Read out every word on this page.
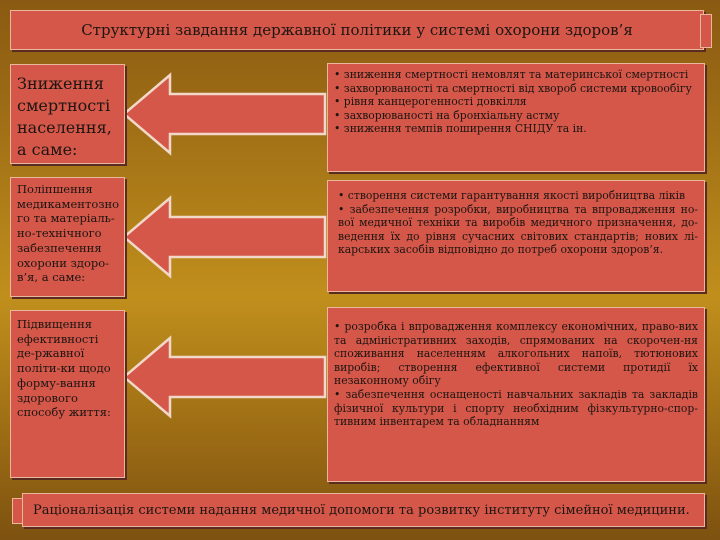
Структурні завдання державної політики у системі охорони здоров’я
Зниження смертності населення, а саме:
Поліпшення медикаментозно го та матеріаль-но-технічного забезпечення охорони здоро-в’я, а саме:
Підвищення ефективності де-ржавної політи-ки щодо форму-вання здорового способу життя:
• зниження смертності немовлят та материнської смертності
• захворюваності та смертності від хвороб системи кровообігу
• рівня канцерогенності довкілля
• захворюваності на бронхіальну астму
• зниження темпів поширення СНІДУ та ін.
• створення системи гарантування якості виробництва ліків
• забезпечення розробки, виробництва та впровадження но-вої медичної техніки та виробів медичного призначення, до-ведення їх до рівня сучасних світових стандартів; нових лі-карських засобів відповідно до потреб охорони здоров’я.
• розробка і впровадження комплексу економічних, право-вих та адміністративних заходів, спрямованих на скорочен-ня споживання населенням алкогольних напоїв, тютюнових виробів; створення ефективної системи протидії їх незаконному обігу
• забезпечення оснащеності навчальних закладів та закладів фізичної культури і спорту необхідним фізкультурно-спор-тивним інвентарем та обладнанням
Раціоналізація системи надання медичної допомоги та розвитку інституту сімейної медицини.
